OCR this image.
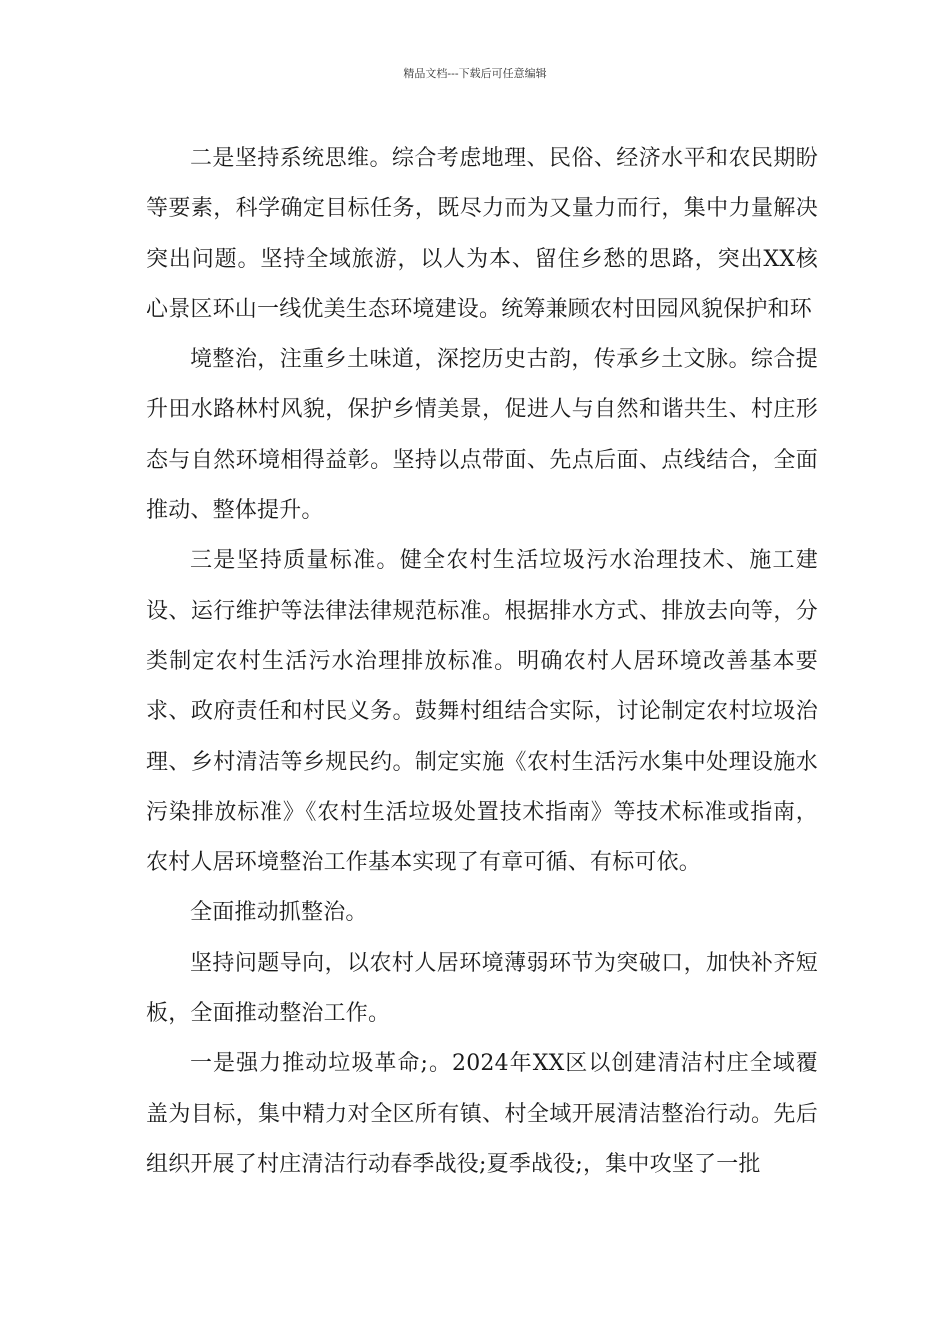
精品文档---下载后可任意编辑

二是坚持系统思维。综合考虑地理、民俗、经济水平和农民期盼等要素，科学确定目标任务，既尽力而为又量力而行，集中力量解决突出问题。坚持全域旅游，以人为本、留住乡愁的思路，突出XX核心景区环山一线优美生态环境建设。统筹兼顾农村田园风貌保护和环

境整治，注重乡土味道，深挖历史古韵，传承乡土文脉。综合提升田水路林村风貌，保护乡情美景，促进人与自然和谐共生、村庄形态与自然环境相得益彰。坚持以点带面、先点后面、点线结合，全面推动、整体提升。

三是坚持质量标准。健全农村生活垃圾污水治理技术、施工建设、运行维护等法律法律规范标准。根据排水方式、排放去向等，分类制定农村生活污水治理排放标准。明确农村人居环境改善基本要求、政府责任和村民义务。鼓舞村组结合实际，讨论制定农村垃圾治理、乡村清洁等乡规民约。制定实施《农村生活污水集中处理设施水污染排放标准》《农村生活垃圾处置技术指南》等技术标准或指南，农村人居环境整治工作基本实现了有章可循、有标可依。

全面推动抓整治。

坚持问题导向，以农村人居环境薄弱环节为突破口，加快补齐短板，全面推动整治工作。

一是强力推动垃圾革命;。2024年XX区以创建清洁村庄全域覆盖为目标，集中精力对全区所有镇、村全域开展清洁整治行动。先后组织开展了村庄清洁行动春季战役;夏季战役;，集中攻坚了一批
